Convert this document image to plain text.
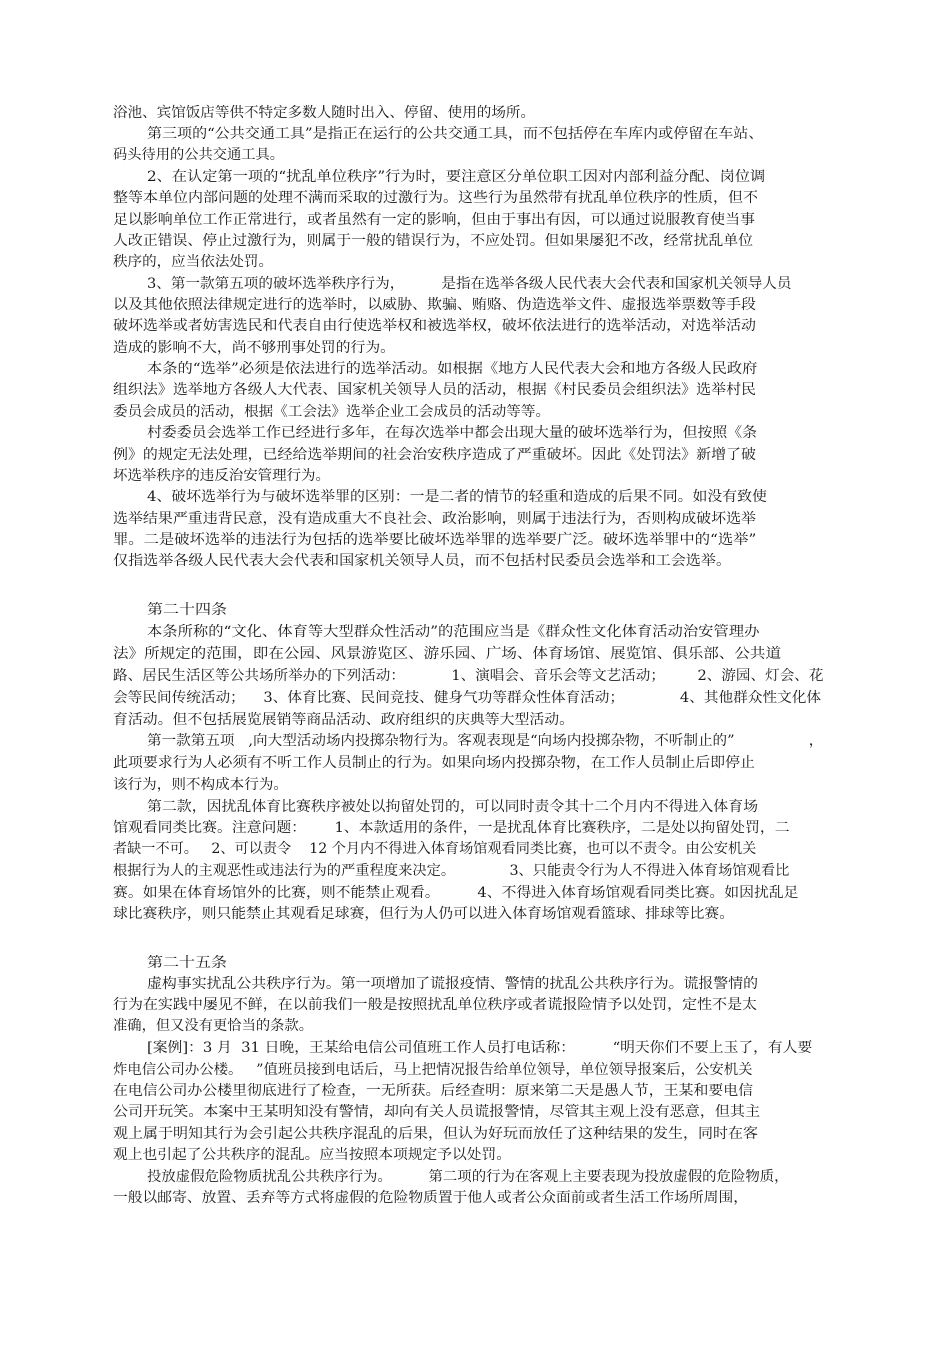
浴池、宾馆饭店等供不特定多数人随时出入、停留、使用的场所。

第三项的“公共交通工具”是指正在运行的公共交通工具，而不包括停在车库内或停留在车站、

码头待用的公共交通工具。

2、在认定第一项的“扰乱单位秩序”行为时，要注意区分单位职工因对内部利益分配、岗位调

整等本单位内部问题的处理不满而采取的过激行为。这些行为虽然带有扰乱单位秩序的性质，但不

足以影响单位工作正常进行，或者虽然有一定的影响，但由于事出有因，可以通过说服教育使当事

人改正错误、停止过激行为，则属于一般的错误行为，不应处罚。但如果屡犯不改，经常扰乱单位

秩序的，应当依法处罚。

3、第一款第五项的破坏选举秩序行为，        是指在选举各级人民代表大会代表和国家机关领导人员

以及其他依照法律规定进行的选举时，以威胁、欺骗、贿赂、伪造选举文件、虚报选举票数等手段

破坏选举或者妨害选民和代表自由行使选举权和被选举权，破坏依法进行的选举活动，对选举活动

造成的影响不大，尚不够刑事处罚的行为。

本条的“选举”必须是依法进行的选举活动。如根据《地方人民代表大会和地方各级人民政府

组织法》选举地方各级人大代表、国家机关领导人员的活动，根据《村民委员会组织法》选举村民

委员会成员的活动，根据《工会法》选举企业工会成员的活动等等。

村委委员会选举工作已经进行多年，在每次选举中都会出现大量的破坏选举行为，但按照《条

例》的规定无法处理，已经给选举期间的社会治安秩序造成了严重破坏。因此《处罚法》新增了破

坏选举秩序的违反治安管理行为。

4、破坏选举行为与破坏选举罪的区别：一是二者的情节的轻重和造成的后果不同。如没有致使

选举结果严重违背民意，没有造成重大不良社会、政治影响，则属于违法行为，否则构成破坏选举

罪。二是破坏选举的违法行为包括的选举要比破坏选举罪的选举要广泛。破坏选举罪中的“选举”

仅指选举各级人民代表大会代表和国家机关领导人员，而不包括村民委员会选举和工会选举。

第二十四条

本条所称的“文化、体育等大型群众性活动”的范围应当是《群众性文化体育活动治安管理办

法》所规定的范围，即在公园、风景游览区、游乐园、广场、体育场馆、展览馆、俱乐部、公共道

路、居民生活区等公共场所举办的下列活动：          1、演唱会、音乐会等文艺活动；       2、游园、灯会、花

会等民间传统活动；    3、体育比赛、民间竞技、健身气功等群众性体育活动；            4、其他群众性文化体

育活动。但不包括展览展销等商品活动、政府组织的庆典等大型活动。

第一款第五项   ,向大型活动场内投掷杂物行为。客观表现是“向场内投掷杂物，不听制止的”                ，

此项要求行为人必须有不听工作人员制止的行为。如果向场内投掷杂物，在工作人员制止后即停止

该行为，则不构成本行为。

第二款，因扰乱体育比赛秩序被处以拘留处罚的，可以同时责令其十二个月内不得进入体育场

馆观看同类比赛。注意问题：      1、本款适用的条件，一是扰乱体育比赛秩序，二是处以拘留处罚，二

者缺一不可。   2、可以责令    12 个月内不得进入体育场馆观看同类比赛，也可以不责令。由公安机关

根据行为人的主观恶性或违法行为的严重程度来决定。            3、只能责令行为人不得进入体育场馆观看比

赛。如果在体育场馆外的比赛，则不能禁止观看。        4、不得进入体育场馆观看同类比赛。如因扰乱足

球比赛秩序，则只能禁止其观看足球赛，但行为人仍可以进入体育场馆观看篮球、排球等比赛。

第二十五条

虚构事实扰乱公共秩序行为。第一项增加了谎报疫情、警情的扰乱公共秩序行为。谎报警情的

行为在实践中屡见不鲜，在以前我们一般是按照扰乱单位秩序或者谎报险情予以处罚，定性不是太

准确，但又没有更恰当的条款。

[案例]：3 月  31 日晚，王某给电信公司值班工作人员打电话称：        “明天你们不要上玉了，有人要

炸电信公司办公楼。   ”值班员接到电话后，马上把情况报告给单位领导，单位领导报案后，公安机关

在电信公司办公楼里彻底进行了检查，一无所获。后经查明：原来第二天是愚人节，王某和要电信

公司开玩笑。本案中王某明知没有警情，却向有关人员谎报警情，尽管其主观上没有恶意，但其主

观上属于明知其行为会引起公共秩序混乱的后果，但认为好玩而放任了这种结果的发生，同时在客

观上也引起了公共秩序的混乱。应当按照本项规定予以处罚。

投放虚假危险物质扰乱公共秩序行为。        第二项的行为在客观上主要表现为投放虚假的危险物质，

一般以邮寄、放置、丢弃等方式将虚假的危险物质置于他人或者公众面前或者生活工作场所周围，
